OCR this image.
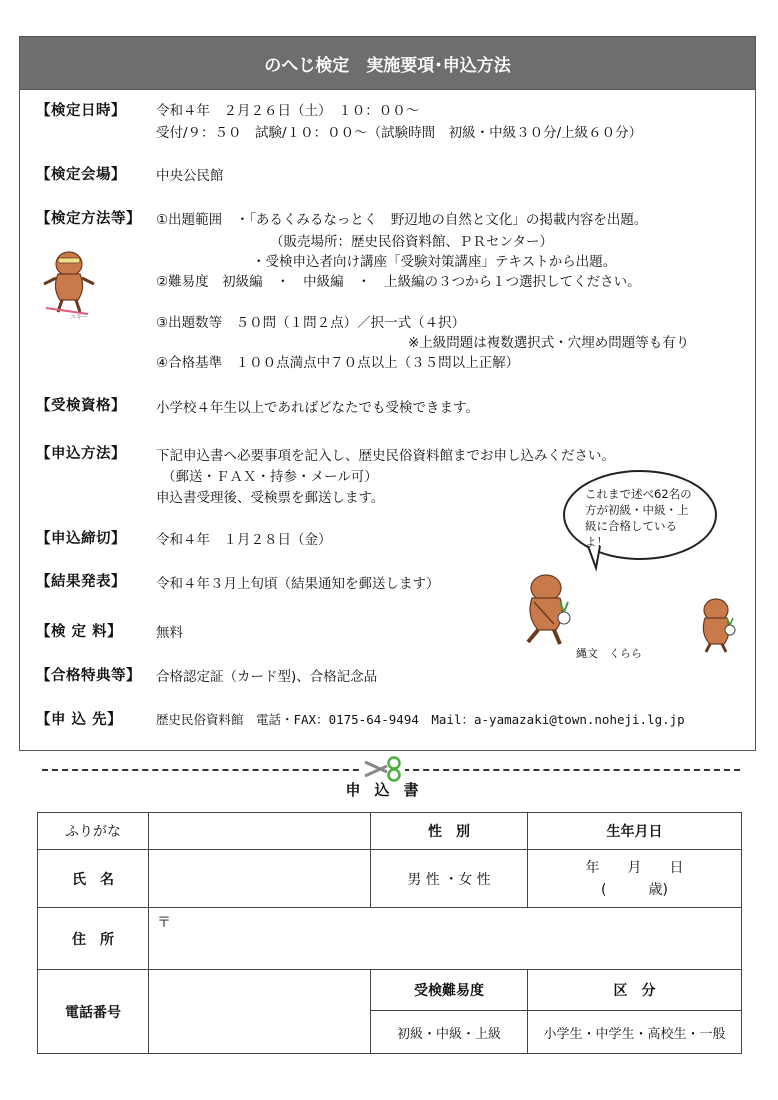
のへじ検定　実施要項･申込方法
【検定日時】 令和４年　２月２６日（土）　１０：００～
受付/９：５０　試験/１０：００～（試験時間　初級・中級３０分/上級６０分）
【検定会場】 中央公民館
【検定方法等】 ①出題範囲　・「あるくみるなっとく　野辺地の自然と文化」の掲載内容を出題。
（販売場所：歴史民俗資料館、ＰＲセンター）
・受検申込者向け講座「受験対策講座」テキストから出題。
②難易度　初級編　・　中級編　・　上級編の３つから１つ選択してください。
③出題数等　５０問（１問２点）／択一式（４択）
※上級問題は複数選択式・穴埋め問題等も有り
④合格基準　１００点満点中７０点以上（３５問以上正解）
【受検資格】 小学校４年生以上であればどなたでも受検できます。
【申込方法】 下記申込書へ必要事項を記入し、歴史民俗資料館までお申し込みください。
（郵送・ＦＡＸ・持参・メール可）
申込書受理後、受検票を郵送します。
【申込締切】 令和４年　１月２８日（金）
【結果発表】 令和４年３月上旬頃（結果通知を郵送します）
【検 定 料】	無料
【合格特典等】 合格認定証（カード型)、合格記念品
【申 込 先】	歴史民俗資料館　電話・FAX：0175-64-9494　Mail：a-yamazaki@town.noheji.lg.jp
ユキー
これまで述べ62名の方が初級・中級・上級に合格しているよ！
縄文　くらら
申込書
ふりがな		性　別	生年月日
氏　名		男 性 ・女 性	年　　月　　日
(　　　歳)

住　所	〒		
電話番号		受検難易度	区　分
		初級・中級・上級	小学生・中学生・高校生・一般
